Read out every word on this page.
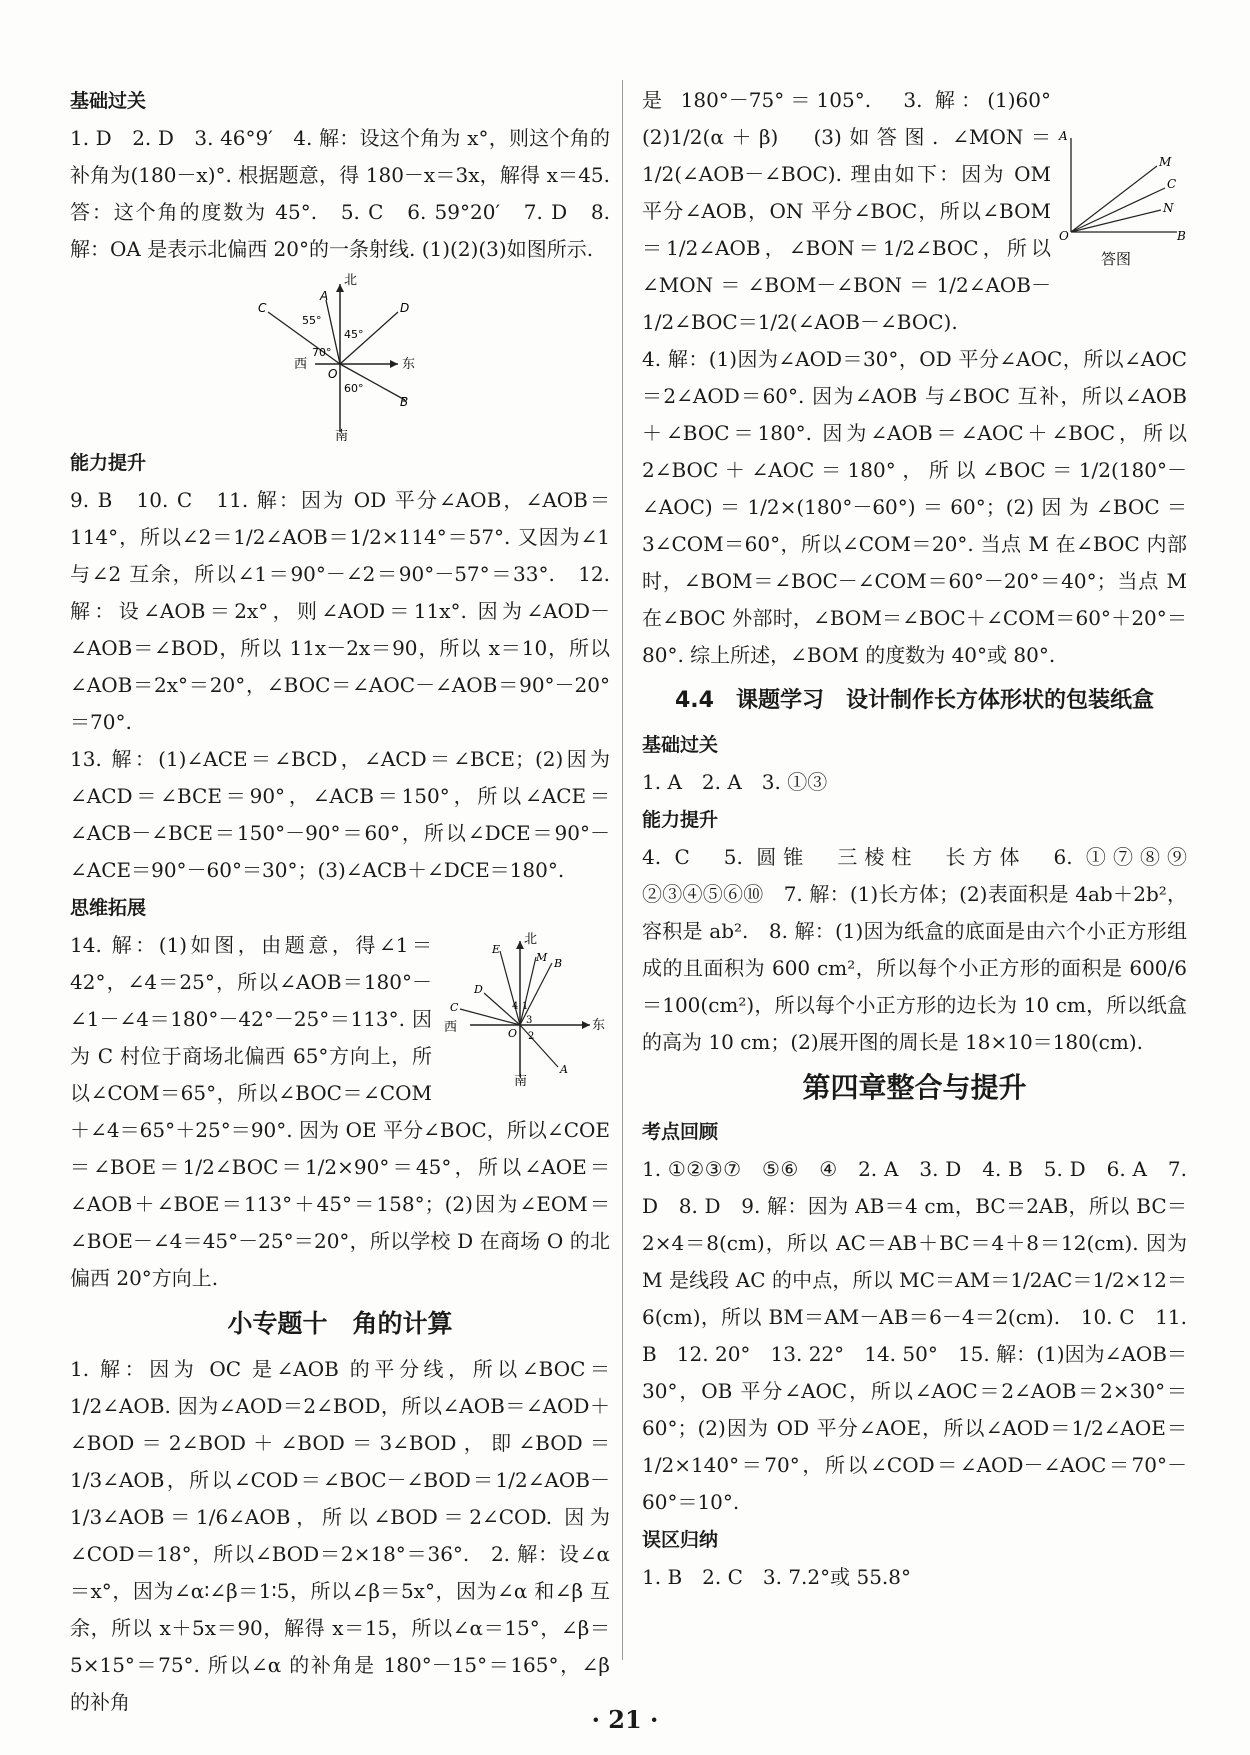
基础过关

1. D　2. D　3. 46°9′　4. 解：设这个角为 x°，则这个角的补角为(180－x)°. 根据题意，得 180－x＝3x，解得 x＝45. 答：这个角的度数为 45°.　5. C　6. 59°20′　7. D　8. 解：OA 是表示北偏西 20°的一条射线. (1)(2)(3)如图所示.

北
南
东
西
A
B
C	D
O
55°
70°
45°
60°
能力提升

9. B　10. C　11. 解：因为 OD 平分∠AOB，∠AOB＝114°，所以∠2＝1/2∠AOB＝1/2×114°＝57°. 又因为∠1 与∠2 互余，所以∠1＝90°－∠2＝90°－57°＝33°.　12. 解：设∠AOB＝2x°，则∠AOD＝11x°. 因为∠AOD－∠AOB＝∠BOD，所以 11x－2x＝90，所以 x＝10，所以∠AOB＝2x°＝20°，∠BOC＝∠AOC－∠AOB＝90°－20°＝70°.

13. 解：(1)∠ACE＝∠BCD，∠ACD＝∠BCE；(2)因为∠ACD＝∠BCE＝90°，∠ACB＝150°，所以∠ACE＝∠ACB－∠BCE＝150°－90°＝60°，所以∠DCE＝90°－∠ACE＝90°－60°＝30°；(3)∠ACB＋∠DCE＝180°.

思维拓展
北
南
东
西
E
M B
C
D
O
A
1
2
3
4

14. 解：(1)如图，由题意，得∠1＝42°，∠4＝25°，所以∠AOB＝180°－∠1－∠4＝180°－42°－25°＝113°. 因为 C 村位于商场北偏西 65°方向上，所以∠COM＝65°，所以∠BOC＝∠COM＋∠4＝65°＋25°＝90°. 因为 OE 平分∠BOC，所以∠COE＝∠BOE＝1/2∠BOC＝1/2×90°＝45°，所以∠AOE＝∠AOB＋∠BOE＝113°＋45°＝158°；(2)因为∠EOM＝∠BOE－∠4＝45°－25°＝20°，所以学校 D 在商场 O 的北偏西 20°方向上.

小专题十　角的计算

1. 解：因为 OC 是∠AOB 的平分线，所以∠BOC＝1/2∠AOB. 因为∠AOD＝2∠BOD，所以∠AOB＝∠AOD＋∠BOD＝2∠BOD＋∠BOD＝3∠BOD，即∠BOD＝1/3∠AOB，所以∠COD＝∠BOC－∠BOD＝1/2∠AOB－1/3∠AOB＝1/6∠AOB，所以∠BOD＝2∠COD. 因为∠COD＝18°，所以∠BOD＝2×18°＝36°.　2. 解：设∠α＝x°，因为∠α∶∠β＝1∶5，所以∠β＝5x°，因为∠α 和∠β 互余，所以 x＋5x＝90，解得 x＝15，所以∠α＝15°，∠β＝5×15°＝75°. 所以∠α 的补角是 180°－15°＝165°，∠β 的补角

A
M
C
N
O	B
答图

是 180°－75°＝105°.　3. 解：(1)60°　(2)1/2(α＋β)　(3)如答图. ∠MON＝1/2(∠AOB－∠BOC). 理由如下：因为 OM 平分∠AOB，ON 平分∠BOC，所以∠BOM＝1/2∠AOB，∠BON＝1/2∠BOC，所以∠MON＝∠BOM－∠BON＝1/2∠AOB－1/2∠BOC＝1/2(∠AOB－∠BOC).

4. 解：(1)因为∠AOD＝30°，OD 平分∠AOC，所以∠AOC＝2∠AOD＝60°. 因为∠AOB 与∠BOC 互补，所以∠AOB＋∠BOC＝180°. 因为∠AOB＝∠AOC＋∠BOC，所以 2∠BOC＋∠AOC＝180°，所以∠BOC＝1/2(180°－∠AOC)＝1/2×(180°－60°)＝60°；(2)因为∠BOC＝3∠COM＝60°，所以∠COM＝20°. 当点 M 在∠BOC 内部时，∠BOM＝∠BOC－∠COM＝60°－20°＝40°；当点 M 在∠BOC 外部时，∠BOM＝∠BOC＋∠COM＝60°＋20°＝80°. 综上所述，∠BOM 的度数为 40°或 80°.

4.4　课题学习　设计制作长方体形状的包装纸盒
基础过关

1. A　2. A　3. ①③

能力提升

4. C　5. 圆锥　三棱柱　长方体　6. ①⑦⑧⑨　②③④⑤⑥⑩　7. 解：(1)长方体；(2)表面积是 4ab＋2b²，容积是 ab².　8. 解：(1)因为纸盒的底面是由六个小正方形组成的且面积为 600 cm²，所以每个小正方形的面积是 600/6＝100(cm²)，所以每个小正方形的边长为 10 cm，所以纸盒的高为 10 cm；(2)展开图的周长是 18×10＝180(cm).

第四章整合与提升
考点回顾

1. ①②③⑦　⑤⑥　④　2. A　3. D　4. B　5. D　6. A　7. D　8. D　9. 解：因为 AB＝4 cm，BC＝2AB，所以 BC＝2×4＝8(cm)，所以 AC＝AB＋BC＝4＋8＝12(cm). 因为 M 是线段 AC 的中点，所以 MC＝AM＝1/2AC＝1/2×12＝6(cm)，所以 BM＝AM－AB＝6－4＝2(cm).　10. C　11. B　12. 20°　13. 22°　14. 50°　15. 解：(1)因为∠AOB＝30°，OB 平分∠AOC，所以∠AOC＝2∠AOB＝2×30°＝60°；(2)因为 OD 平分∠AOE，所以∠AOD＝1/2∠AOE＝1/2×140°＝70°，所以∠COD＝∠AOD－∠AOC＝70°－60°＝10°.

误区归纳

1. B　2. C　3. 7.2°或 55.8°

· 21 ·
